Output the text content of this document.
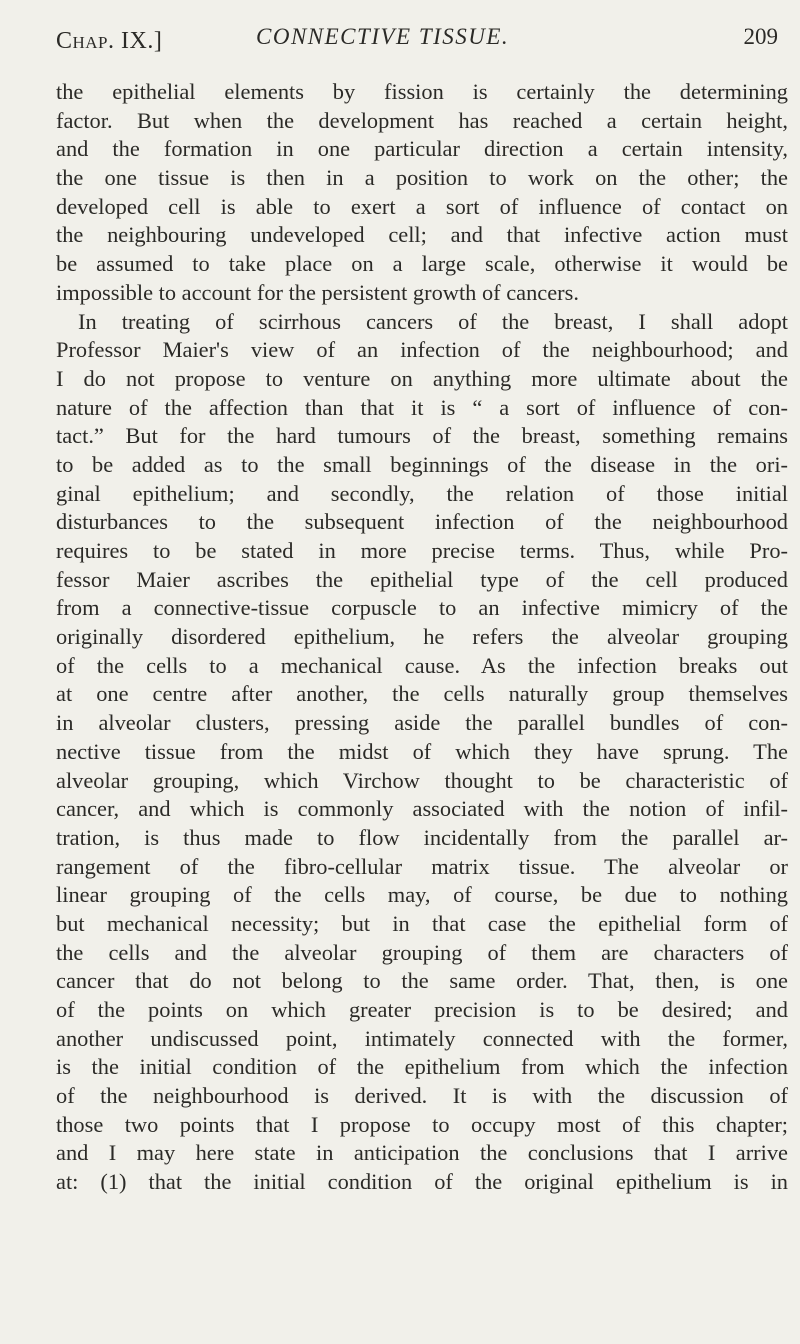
Chap. IX.]	CONNECTIVE TISSUE.	209
the epithelial elements by fission is certainly the determining
factor. But when the development has reached a certain height,
and the formation in one particular direction a certain intensity,
the one tissue is then in a position to work on the other; the
developed cell is able to exert a sort of influence of contact on
the neighbouring undeveloped cell; and that infective action must
be assumed to take place on a large scale, otherwise it would be
impossible to account for the persistent growth of cancers.
In treating of scirrhous cancers of the breast, I shall adopt
Professor Maier's view of an infection of the neighbourhood; and
I do not propose to venture on anything more ultimate about the
nature of the affection than that it is “ a sort of influence of con-
tact.” But for the hard tumours of the breast, something remains
to be added as to the small beginnings of the disease in the ori-
ginal epithelium; and secondly, the relation of those initial
disturbances to the subsequent infection of the neighbourhood
requires to be stated in more precise terms. Thus, while Pro-
fessor Maier ascribes the epithelial type of the cell produced
from a connective-tissue corpuscle to an infective mimicry of the
originally disordered epithelium, he refers the alveolar grouping
of the cells to a mechanical cause. As the infection breaks out
at one centre after another, the cells naturally group themselves
in alveolar clusters, pressing aside the parallel bundles of con-
nective tissue from the midst of which they have sprung. The
alveolar grouping, which Virchow thought to be characteristic of
cancer, and which is commonly associated with the notion of infil-
tration, is thus made to flow incidentally from the parallel ar-
rangement of the fibro-cellular matrix tissue. The alveolar or
linear grouping of the cells may, of course, be due to nothing
but mechanical necessity; but in that case the epithelial form of
the cells and the alveolar grouping of them are characters of
cancer that do not belong to the same order. That, then, is one
of the points on which greater precision is to be desired; and
another undiscussed point, intimately connected with the former,
is the initial condition of the epithelium from which the infection
of the neighbourhood is derived. It is with the discussion of
those two points that I propose to occupy most of this chapter;
and I may here state in anticipation the conclusions that I arrive
at: (1) that the initial condition of the original epithelium is in
